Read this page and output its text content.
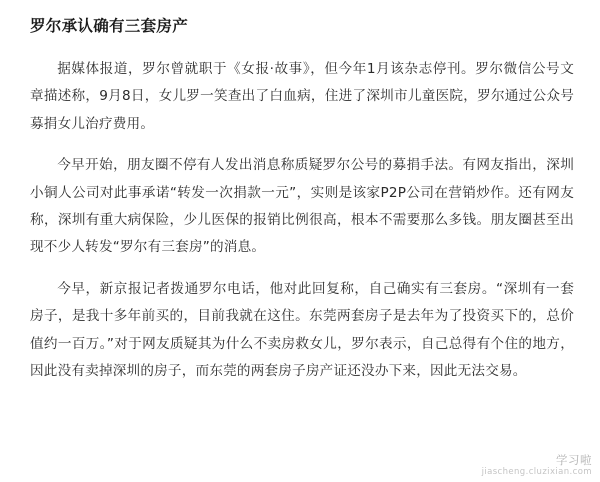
罗尔承认确有三套房产

据媒体报道，罗尔曾就职于《女报·故事》，但今年1月该杂志停刊。罗尔微信公号文章描述称，9月8日，女儿罗一笑查出了白血病，住进了深圳市儿童医院，罗尔通过公众号募捐女儿治疗费用。

今早开始，朋友圈不停有人发出消息称质疑罗尔公号的募捐手法。有网友指出，深圳小铜人公司对此事承诺“转发一次捐款一元”，实则是该家P2P公司在营销炒作。还有网友称，深圳有重大病保险，少儿医保的报销比例很高，根本不需要那么多钱。朋友圈甚至出现不少人转发“罗尔有三套房”的消息。

今早，新京报记者拨通罗尔电话，他对此回复称，自己确实有三套房。“深圳有一套房子，是我十多年前买的，目前我就在这住。东莞两套房子是去年为了投资买下的，总价值约一百万。”对于网友质疑其为什么不卖房救女儿，罗尔表示，自己总得有个住的地方，因此没有卖掉深圳的房子，而东莞的两套房子房产证还没办下来，因此无法交易。

学习啦
jiascheng.cluzixian.com
